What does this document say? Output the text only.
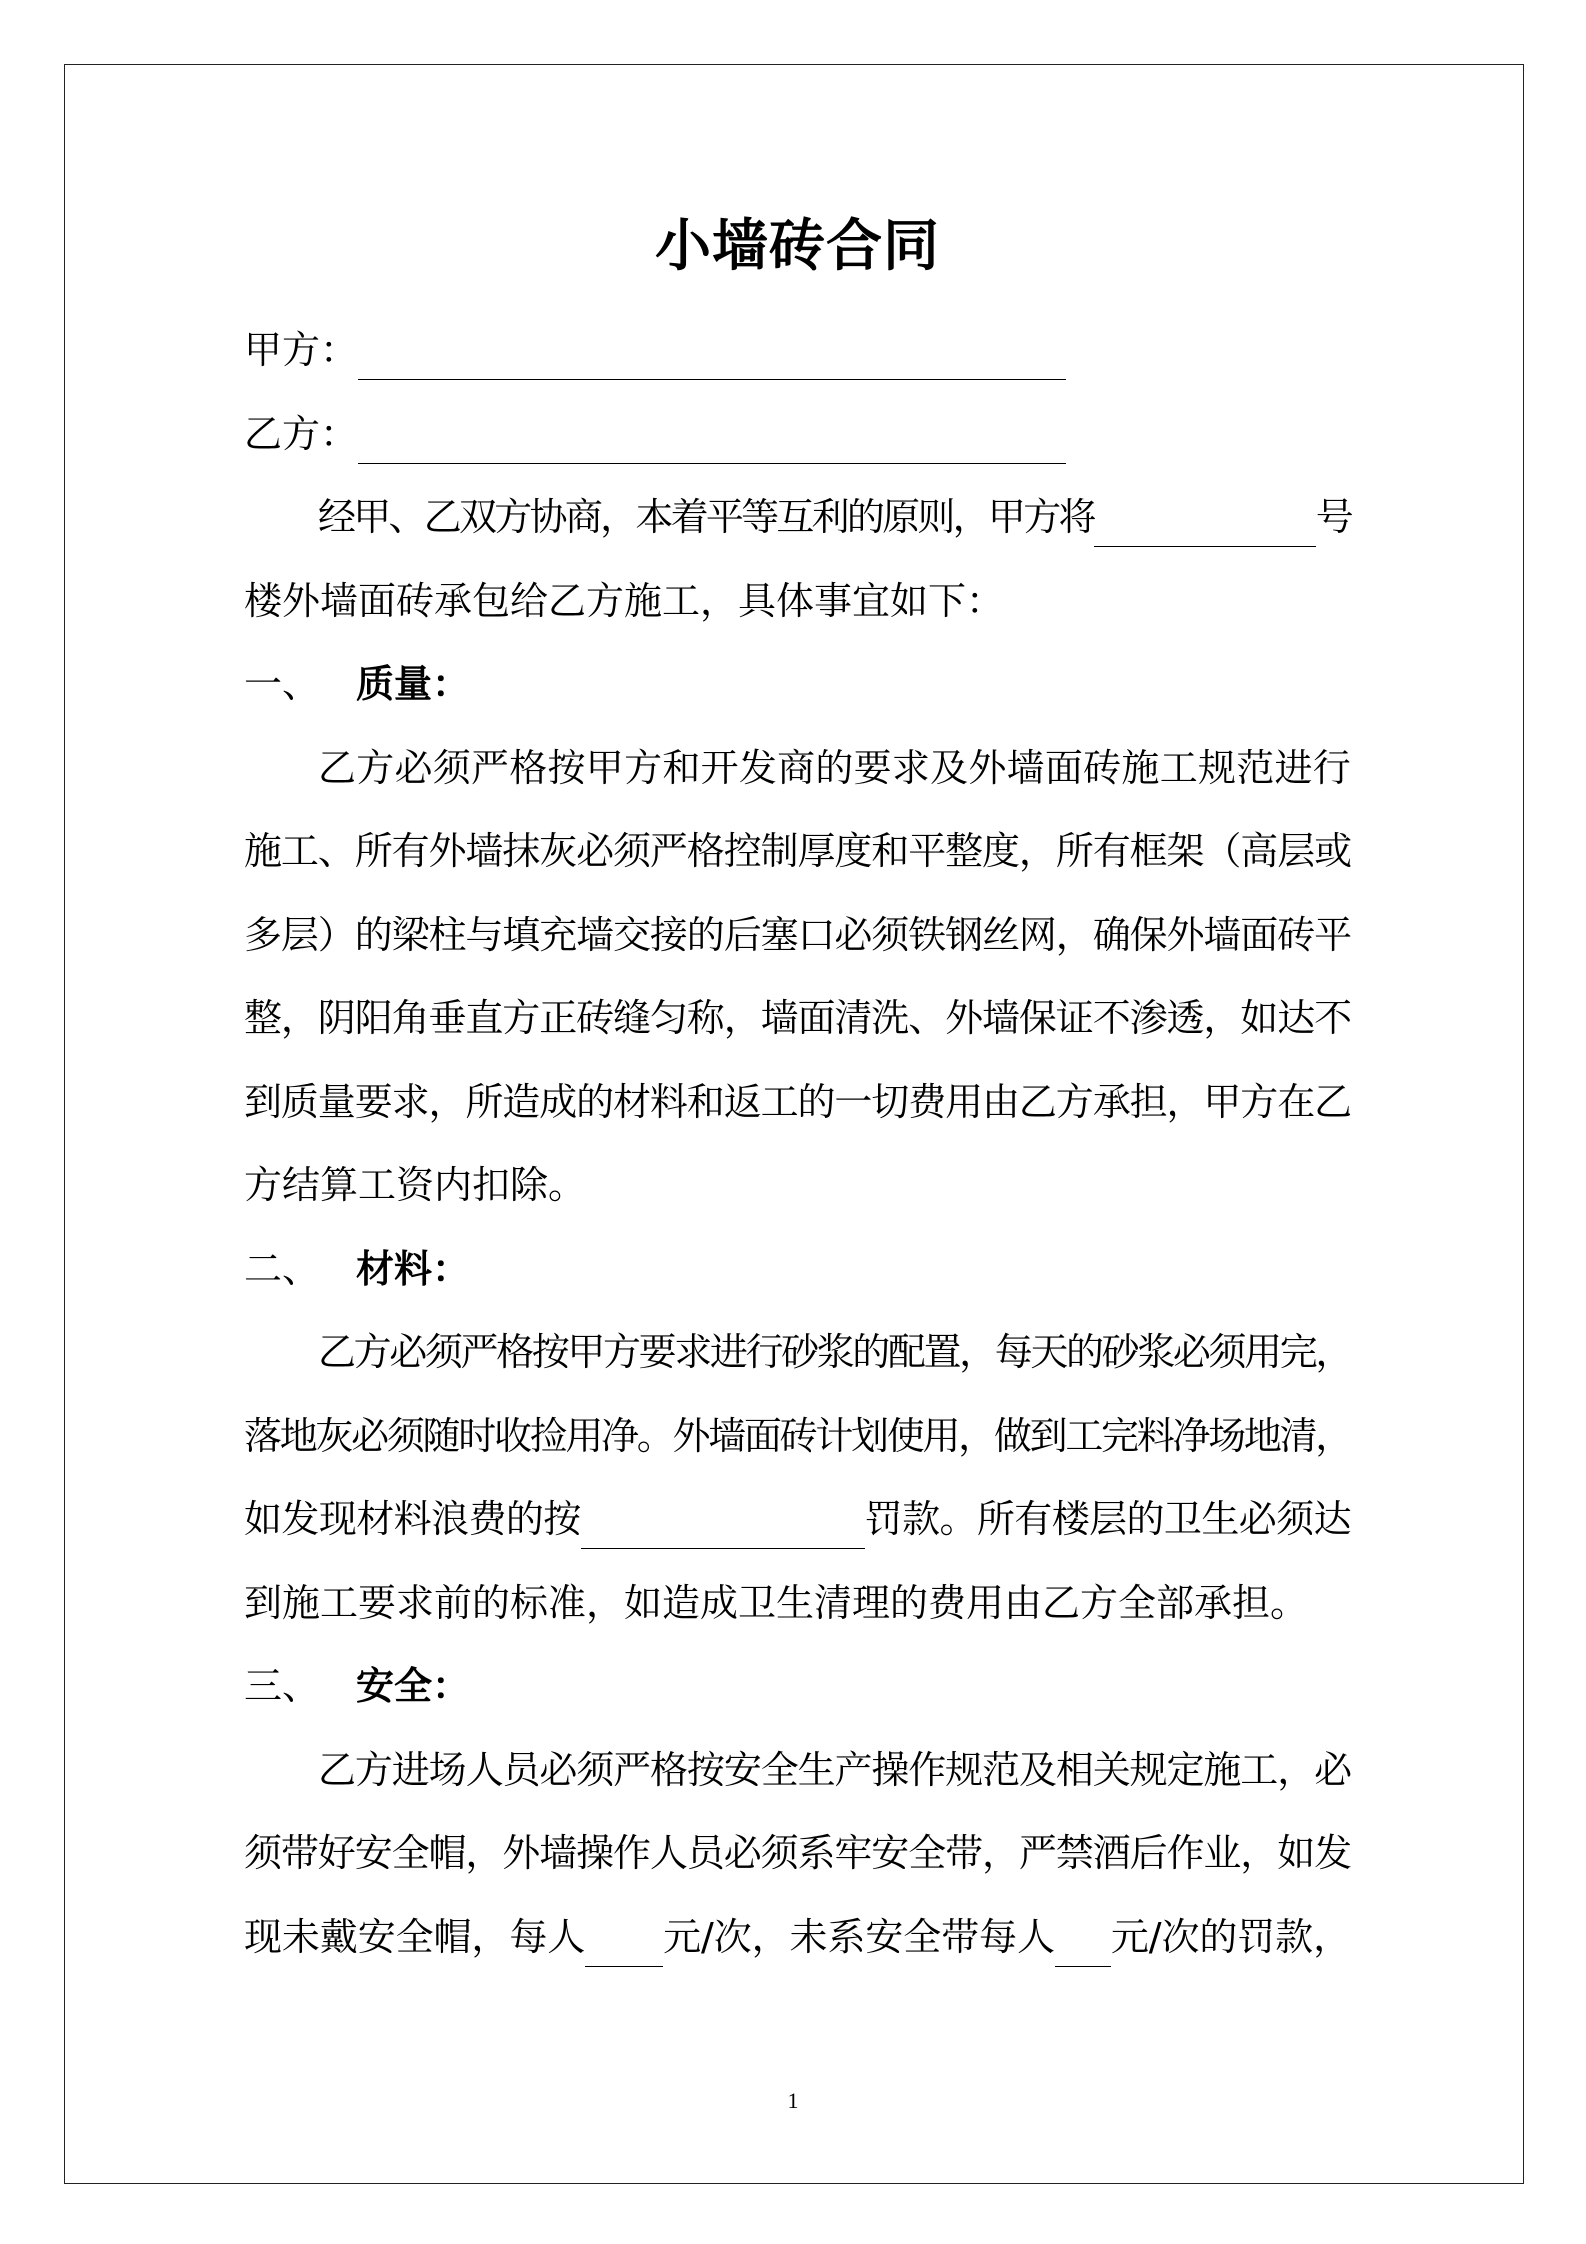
小墙砖合同
甲方：
乙方：
经甲、乙双方协商，本着平等互利的原则，甲方将	号
楼外墙面砖承包给乙方施工，具体事宜如下：
一、 质量：
乙方必须严格按甲方和开发商的要求及外墙面砖施工规范进行
施工、所有外墙抹灰必须严格控制厚度和平整度，所有框架（高层或
多层）的梁柱与填充墙交接的后塞口必须铁钢丝网，确保外墙面砖平
整，阴阳角垂直方正砖缝匀称，墙面清洗、外墙保证不渗透，如达不
到质量要求，所造成的材料和返工的一切费用由乙方承担，甲方在乙
方结算工资内扣除。
二、 材料：
乙方必须严格按甲方要求进行砂浆的配置，每天的砂浆必须用完，
落地灰必须随时收捡用净。外墙面砖计划使用，做到工完料净场地清，
如发现材料浪费的按	罚款。所有楼层的卫生必须达
到施工要求前的标准，如造成卫生清理的费用由乙方全部承担。
三、 安全：
乙方进场人员必须严格按安全生产操作规范及相关规定施工，必
须带好安全帽，外墙操作人员必须系牢安全带，严禁酒后作业，如发
现未戴安全帽，每人 元/次，未系安全带每人 元/次的罚款，
1
